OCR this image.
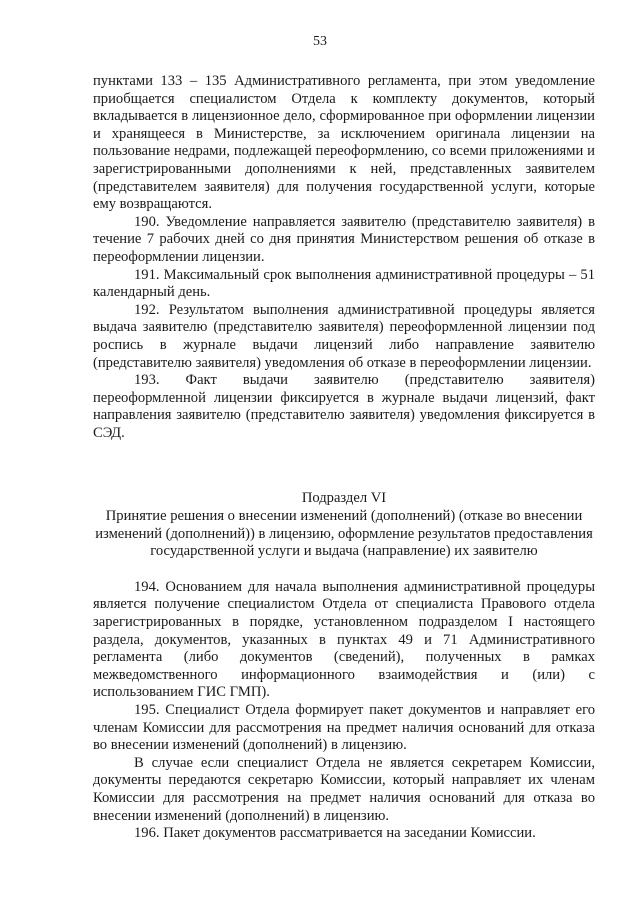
53

пунктами 133 – 135 Административного регламента, при этом уведомление приобщается специалистом Отдела к комплекту документов, который вкладывается в лицензионное дело, сформированное при оформлении лицензии и хранящееся в Министерстве, за исключением оригинала лицензии на пользование недрами, подлежащей переоформлению, со всеми приложениями и зарегистрированными дополнениями к ней, представленных заявителем (представителем заявителя) для получения государственной услуги, которые ему возвращаются.

190. Уведомление направляется заявителю (представителю заявителя) в течение 7 рабочих дней со дня принятия Министерством решения об отказе в переоформлении лицензии.

191. Максимальный срок выполнения административной процедуры – 51 календарный день.

192. Результатом выполнения административной процедуры является выдача заявителю (представителю заявителя) переоформленной лицензии под роспись в журнале выдачи лицензий либо направление заявителю (представителю заявителя) уведомления об отказе в переоформлении лицензии.

193. Факт выдачи заявителю (представителю заявителя) переоформленной лицензии фиксируется в журнале выдачи лицензий, факт направления заявителю (представителю заявителя) уведомления фиксируется в СЭД.

Подраздел VI

Принятие решения о внесении изменений (дополнений) (отказе во внесении изменений (дополнений)) в лицензию, оформление результатов предоставления государственной услуги и выдача (направление) их заявителю

194. Основанием для начала выполнения административной процедуры является получение специалистом Отдела от специалиста Правового отдела зарегистрированных в порядке, установленном подразделом I настоящего раздела, документов, указанных в пунктах 49 и 71 Административного регламента (либо документов (сведений), полученных в рамках межведомственного информационного взаимодействия и (или) с использованием ГИС ГМП).

195. Специалист Отдела формирует пакет документов и направляет его членам Комиссии для рассмотрения на предмет наличия оснований для отказа во внесении изменений (дополнений) в лицензию.

В случае если специалист Отдела не является секретарем Комиссии, документы передаются секретарю Комиссии, который направляет их членам Комиссии для рассмотрения на предмет наличия оснований для отказа во внесении изменений (дополнений) в лицензию.

196. Пакет документов рассматривается на заседании Комиссии.
